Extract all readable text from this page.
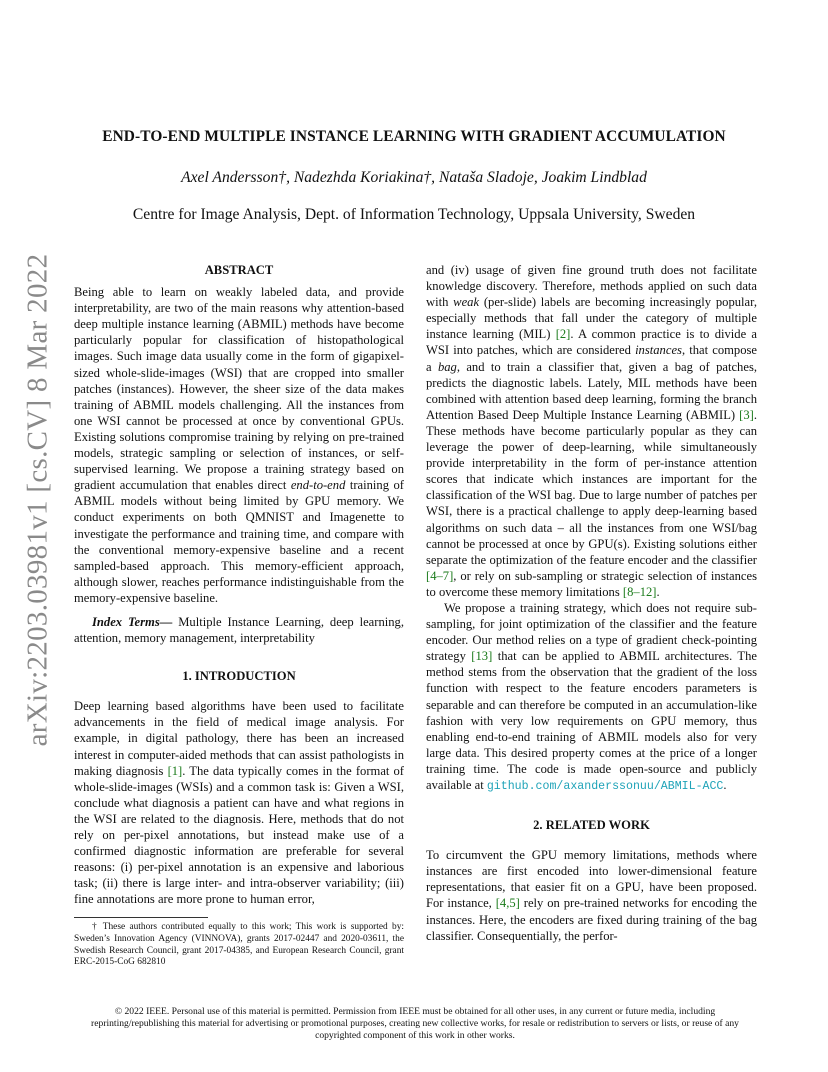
arXiv:2203.03981v1 [cs.CV] 8 Mar 2022
END-TO-END MULTIPLE INSTANCE LEARNING WITH GRADIENT ACCUMULATION
Axel Andersson†, Nadezhda Koriakina†, Nataša Sladoje, Joakim Lindblad
Centre for Image Analysis, Dept. of Information Technology, Uppsala University, Sweden
ABSTRACT

Being able to learn on weakly labeled data, and provide interpretability, are two of the main reasons why attention-based deep multiple instance learning (ABMIL) methods have become particularly popular for classification of histopathological images. Such image data usually come in the form of gigapixel-sized whole-slide-images (WSI) that are cropped into smaller patches (instances). However, the sheer size of the data makes training of ABMIL models challenging. All the instances from one WSI cannot be processed at once by conventional GPUs. Existing solutions compromise training by relying on pre-trained models, strategic sampling or selection of instances, or self-supervised learning. We propose a training strategy based on gradient accumulation that enables direct end-to-end training of ABMIL models without being limited by GPU memory. We conduct experiments on both QMNIST and Imagenette to investigate the performance and training time, and compare with the conventional memory-expensive baseline and a recent sampled-based approach. This memory-efficient approach, although slower, reaches performance indistinguishable from the memory-expensive baseline.

Index Terms— Multiple Instance Learning, deep learning, attention, memory management, interpretability

1. INTRODUCTION

Deep learning based algorithms have been used to facilitate advancements in the field of medical image analysis. For example, in digital pathology, there has been an increased interest in computer-aided methods that can assist pathologists in making diagnosis [1]. The data typically comes in the format of whole-slide-images (WSIs) and a common task is: Given a WSI, conclude what diagnosis a patient can have and what regions in the WSI are related to the diagnosis. Here, methods that do not rely on per-pixel annotations, but instead make use of a confirmed diagnostic information are preferable for several reasons: (i) per-pixel annotation is an expensive and laborious task; (ii) there is large inter- and intra-observer variability; (iii) fine annotations are more prone to human error,

† These authors contributed equally to this work; This work is supported by: Sweden’s Innovation Agency (VINNOVA), grants 2017-02447 and 2020-03611, the Swedish Research Council, grant 2017-04385, and European Research Council, grant ERC-2015-CoG 682810

and (iv) usage of given fine ground truth does not facilitate knowledge discovery. Therefore, methods applied on such data with weak (per-slide) labels are becoming increasingly popular, especially methods that fall under the category of multiple instance learning (MIL) [2]. A common practice is to divide a WSI into patches, which are considered instances, that compose a bag, and to train a classifier that, given a bag of patches, predicts the diagnostic labels. Lately, MIL methods have been combined with attention based deep learning, forming the branch Attention Based Deep Multiple Instance Learning (ABMIL) [3]. These methods have become particularly popular as they can leverage the power of deep-learning, while simultaneously provide interpretability in the form of per-instance attention scores that indicate which instances are important for the classification of the WSI bag. Due to large number of patches per WSI, there is a practical challenge to apply deep-learning based algorithms on such data – all the instances from one WSI/bag cannot be processed at once by GPU(s). Existing solutions either separate the optimization of the feature encoder and the classifier [4–7], or rely on sub-sampling or strategic selection of instances to overcome these memory limitations [8–12].

We propose a training strategy, which does not require sub-sampling, for joint optimization of the classifier and the feature encoder. Our method relies on a type of gradient check-pointing strategy [13] that can be applied to ABMIL architectures. The method stems from the observation that the gradient of the loss function with respect to the feature encoders parameters is separable and can therefore be computed in an accumulation-like fashion with very low requirements on GPU memory, thus enabling end-to-end training of ABMIL models also for very large data. This desired property comes at the price of a longer training time. The code is made open-source and publicly available at github.com/axanderssonuu/ABMIL-ACC.

2. RELATED WORK

To circumvent the GPU memory limitations, methods where instances are first encoded into lower-dimensional feature representations, that easier fit on a GPU, have been proposed. For instance, [4,5] rely on pre-trained networks for encoding the instances. Here, the encoders are fixed during training of the bag classifier. Consequentially, the perfor-

© 2022 IEEE. Personal use of this material is permitted. Permission from IEEE must be obtained for all other uses, in any current or future media, including reprinting/republishing this material for advertising or promotional purposes, creating new collective works, for resale or redistribution to servers or lists, or reuse of any copyrighted component of this work in other works.
